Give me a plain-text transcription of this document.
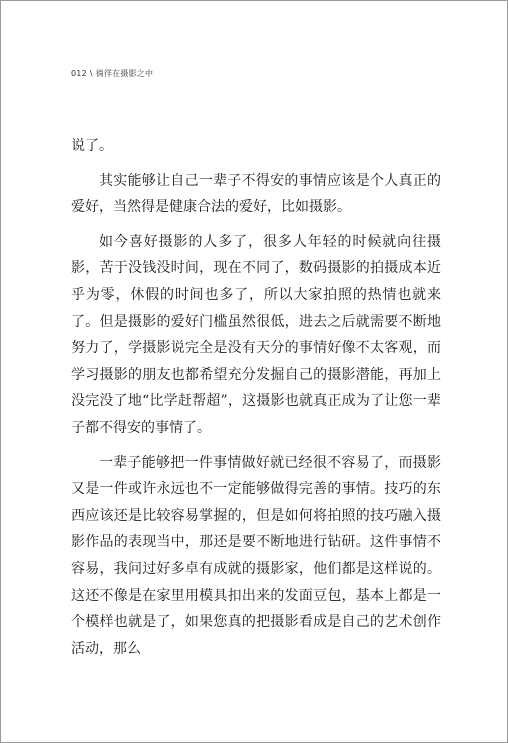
012 \ 徜徉在摄影之中

说了。

其实能够让自己一辈子不得安的事情应该是个人真正的爱好，当然得是健康合法的爱好，比如摄影。

如今喜好摄影的人多了，很多人年轻的时候就向往摄影，苦于没钱没时间，现在不同了，数码摄影的拍摄成本近乎为零，休假的时间也多了，所以大家拍照的热情也就来了。但是摄影的爱好门槛虽然很低，进去之后就需要不断地努力了，学摄影说完全是没有天分的事情好像不太客观，而学习摄影的朋友也都希望充分发掘自己的摄影潜能，再加上没完没了地“比学赶帮超”，这摄影也就真正成为了让您一辈子都不得安的事情了。

一辈子能够把一件事情做好就已经很不容易了，而摄影又是一件或许永远也不一定能够做得完善的事情。技巧的东西应该还是比较容易掌握的，但是如何将拍照的技巧融入摄影作品的表现当中，那还是要不断地进行钻研。这件事情不容易，我问过好多卓有成就的摄影家，他们都是这样说的。这还不像是在家里用模具扣出来的发面豆包，基本上都是一个模样也就是了，如果您真的把摄影看成是自己的艺术创作活动，那么
